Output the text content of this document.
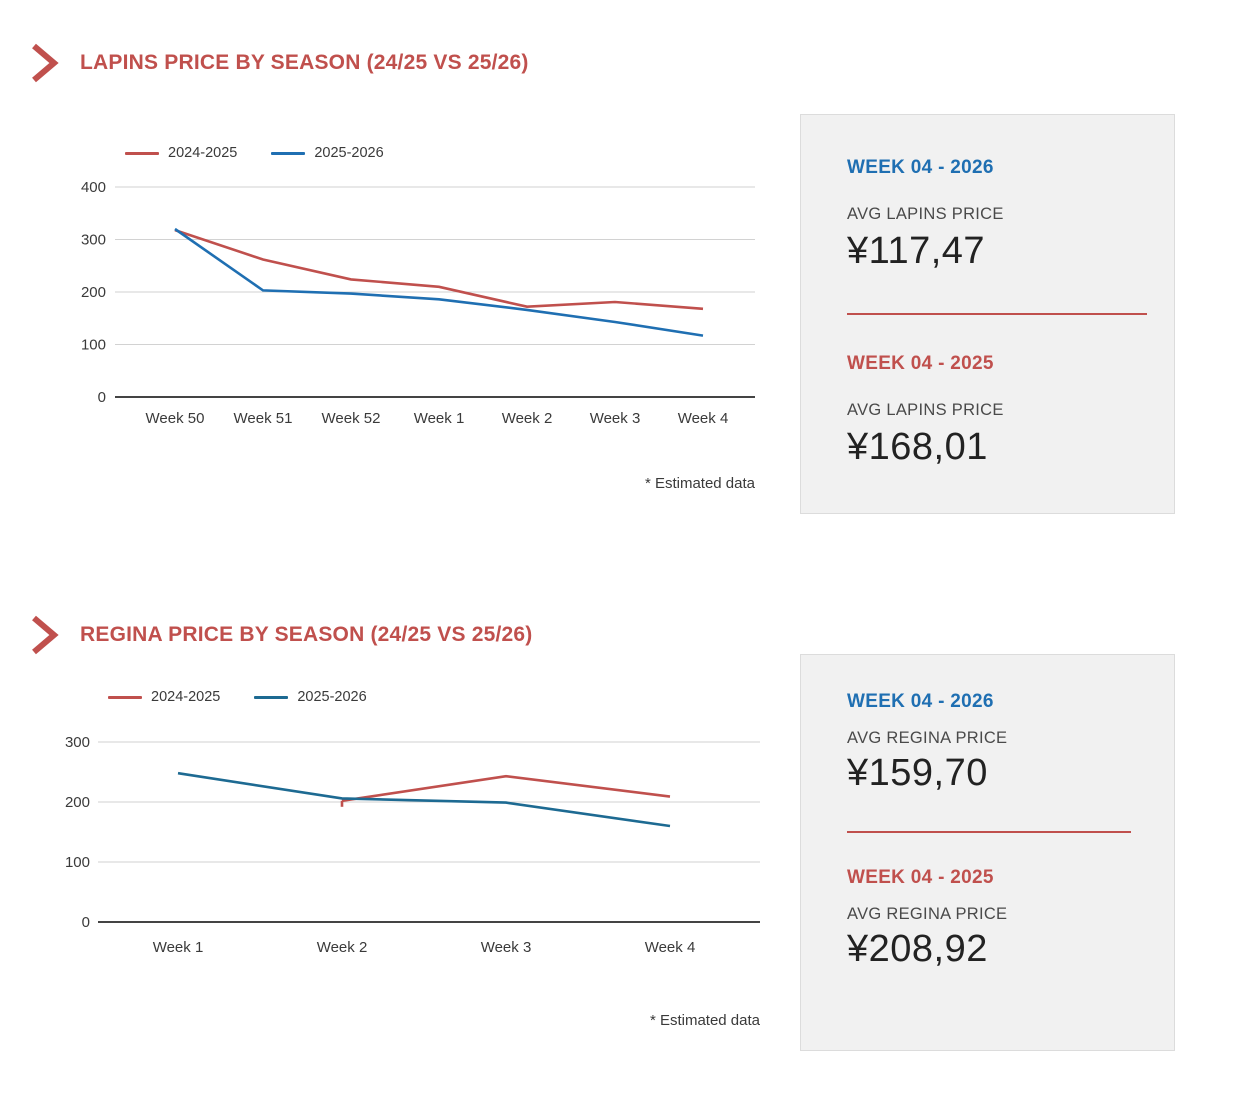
LAPINS PRICE BY SEASON (24/25 VS 25/26)
2024-2025	2025-2026
400
300
200
100
0
Week 50 Week 51 Week 52 Week 1 Week 2 Week 3 Week 4
* Estimated data
WEEK 04 - 2026
AVG LAPINS PRICE
¥117,47
WEEK 04 - 2025
AVG LAPINS PRICE
¥168,01
REGINA PRICE BY SEASON (24/25 VS 25/26)
2024-2025	2025-2026
300
200
100
0
Week 1	Week 2	Week 3	Week 4
* Estimated data
WEEK 04 - 2026
AVG REGINA PRICE
¥159,70
WEEK 04 - 2025
AVG REGINA PRICE
¥208,92
